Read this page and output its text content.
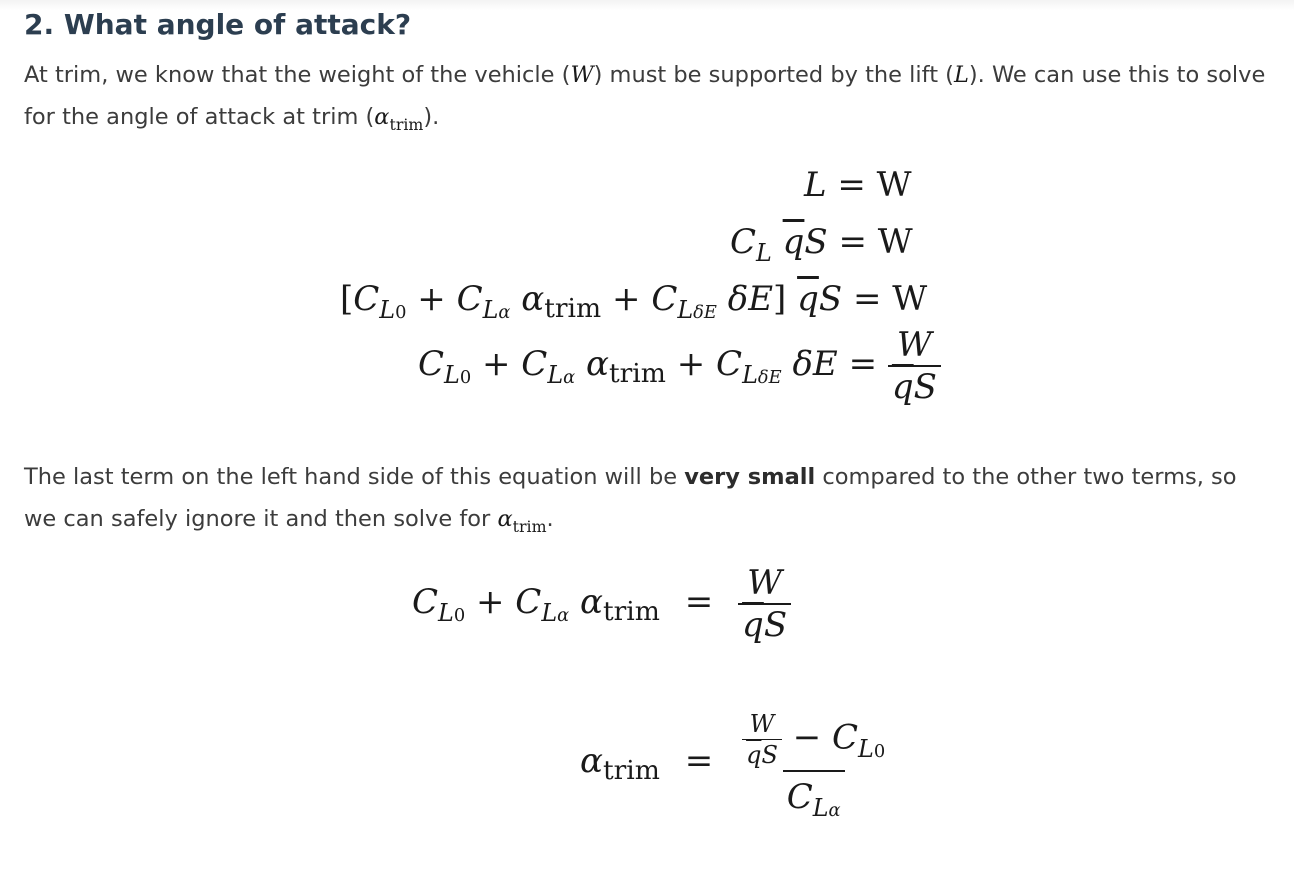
2. What angle of attack?

At trim, we know that the weight of the vehicle (W) must be supported by the lift (L). We can use this to solve for the angle of attack at trim $(\alpha_{trim})$.

L = W
$C_L$ $\overline{q}S = W$
[$C_{L0} + C_{L\alpha}$ $\alpha_{trim} + C_{L\delta E}$ δE] $\overline{q}S = W$
$C_{L0} + C_{L\alpha}$ $\alpha_{trim} + C_{L\delta E}$ $\delta E = \frac{W}{\overline{q}S}$

The last term on the left hand side of this equation will be very small compared to the other two terms, so we can safely ignore it and then solve for $\alpha_{trim}$.

$C_{L0} + C_{L\alpha}$ $\alpha_{trim} = \frac{W}{\overline{q}S}$
$\alpha_{trim} = \frac{\frac{W}{\overline{q}S} - C_{L0}}{C_{L\alpha}}$
